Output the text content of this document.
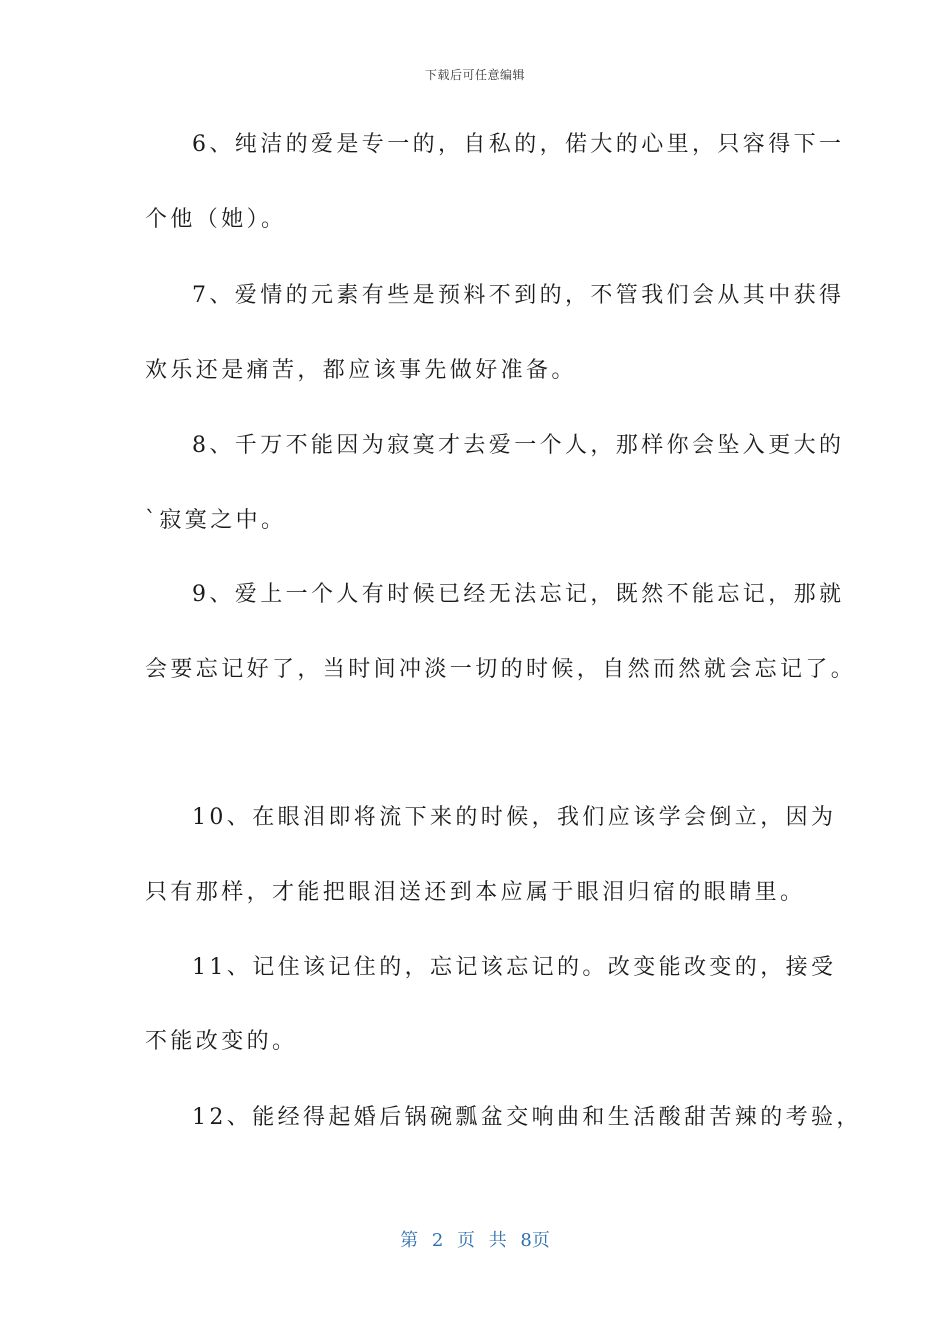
下载后可任意编辑
6、纯洁的爱是专一的，自私的，偌大的心里，只容得下一
个他（她）。
7、爱情的元素有些是预料不到的，不管我们会从其中获得
欢乐还是痛苦，都应该事先做好准备。
8、千万不能因为寂寞才去爱一个人，那样你会坠入更大的
`寂寞之中。
9、爱上一个人有时候已经无法忘记，既然不能忘记，那就
会要忘记好了，当时间冲淡一切的时候，自然而然就会忘记了。
10、在眼泪即将流下来的时候，我们应该学会倒立，因为
只有那样，才能把眼泪送还到本应属于眼泪归宿的眼睛里。
11、记住该记住的，忘记该忘记的。改变能改变的，接受
不能改变的。
12、能经得起婚后锅碗瓢盆交响曲和生活酸甜苦辣的考验，
第 2 页 共 8页
